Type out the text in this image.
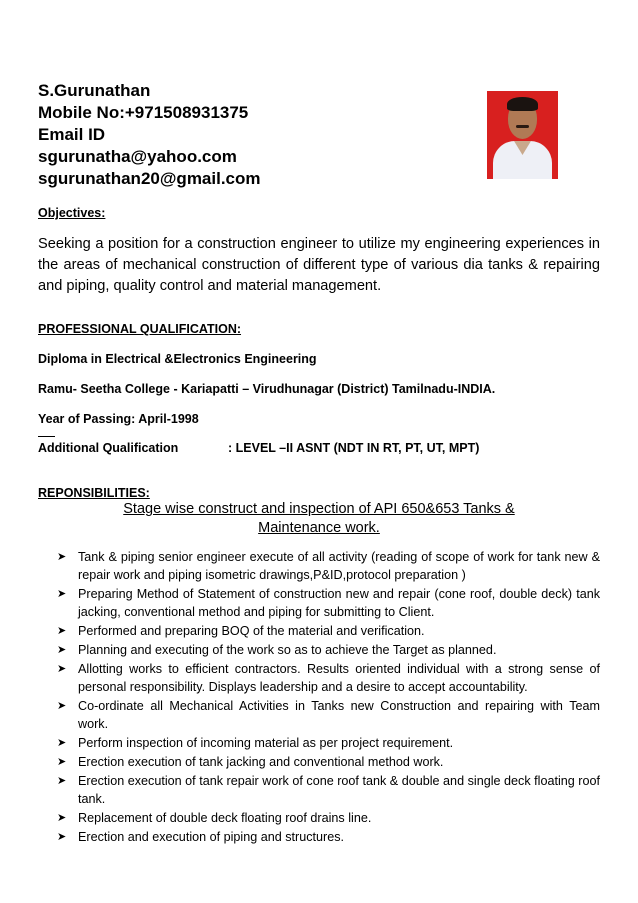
S.Gurunathan
Mobile No:+971508931375
Email ID
sgurunatha@yahoo.com
sgurunathan20@gmail.com
Objectives:
Seeking a position for a construction engineer to utilize my engineering experiences in the areas of mechanical construction of different type of various dia tanks & repairing and piping, quality control and material management.
PROFESSIONAL QUALIFICATION:
Diploma in Electrical &Electronics Engineering
Ramu- Seetha College - Kariapatti – Virudhunagar (District) Tamilnadu-INDIA.
Year of Passing: April-1998
Additional Qualification	: LEVEL –II ASNT (NDT IN RT, PT, UT, MPT)
REPONSIBILITIES:
Stage wise construct and inspection of API 650&653 Tanks &
Maintenance work.
➤ Tank & piping senior engineer execute of all activity (reading of scope of work for tank new & repair work and piping isometric drawings,P&ID,protocol preparation )
➤ Preparing Method of Statement of construction new and repair (cone roof, double deck) tank jacking, conventional method and piping for submitting to Client.
➤ Performed and preparing BOQ of the material and verification.
➤ Planning and executing of the work so as to achieve the Target as planned.
➤ Allotting works to efficient contractors. Results oriented individual with a strong sense of personal responsibility. Displays leadership and a desire to accept accountability.
➤ Co-ordinate all Mechanical Activities in Tanks new Construction and repairing with Team work.
➤ Perform inspection of incoming material as per project requirement.
➤ Erection execution of tank jacking and conventional method work.
➤ Erection execution of tank repair work of cone roof tank & double and single deck floating roof tank.
➤ Replacement of double deck floating roof drains line.
➤ Erection and execution of piping and structures.
